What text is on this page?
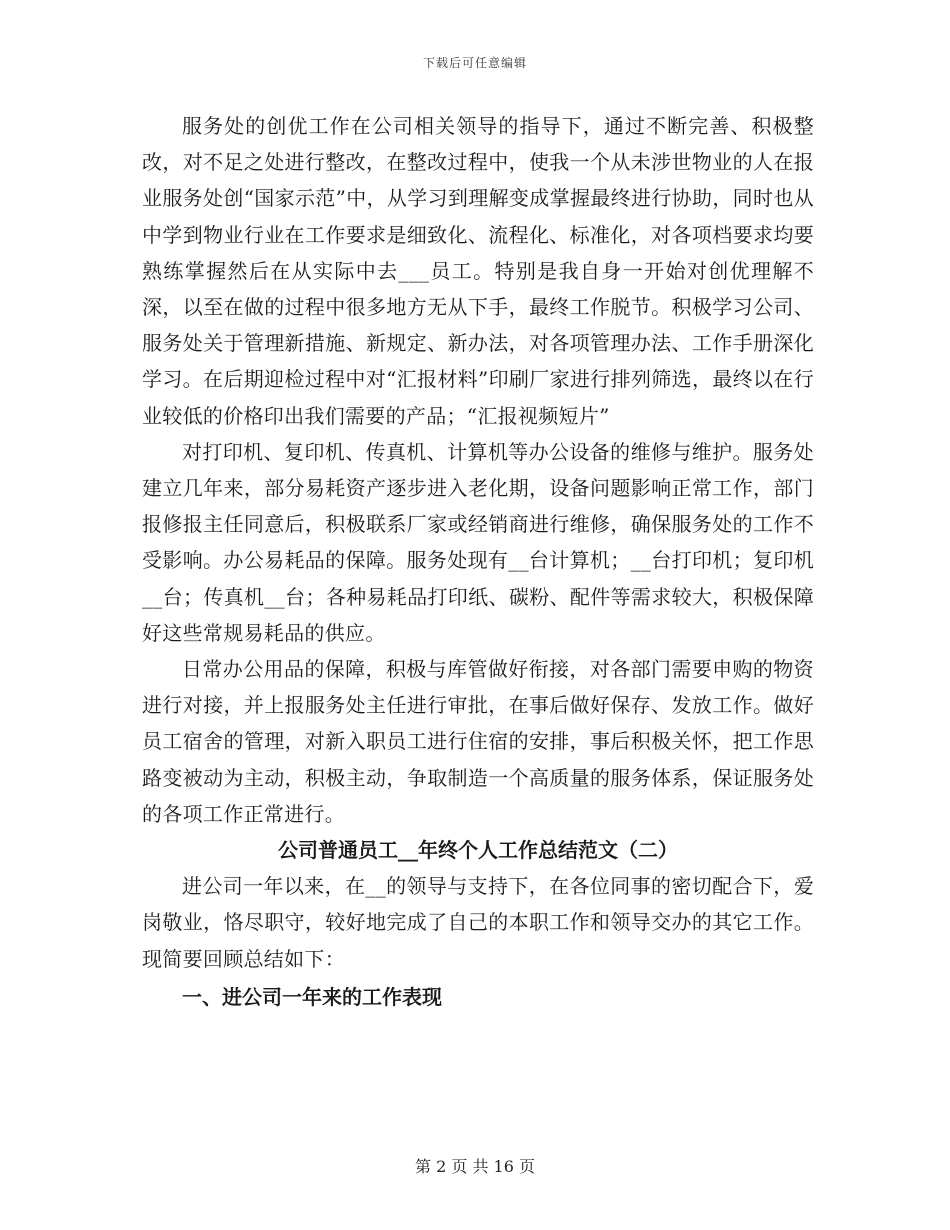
下载后可任意编辑

服务处的创优工作在公司相关领导的指导下，通过不断完善、积极整改，对不足之处进行整改，在整改过程中，使我一个从未涉世物业的人在报业服务处创“国家示范”中，从学习到理解变成掌握最终进行协助，同时也从中学到物业行业在工作要求是细致化、流程化、标准化，对各项档要求均要熟练掌握然后在从实际中去___员工。特别是我自身一开始对创优理解不深，以至在做的过程中很多地方无从下手，最终工作脱节。积极学习公司、服务处关于管理新措施、新规定、新办法，对各项管理办法、工作手册深化学习。在后期迎检过程中对“汇报材料”印刷厂家进行排列筛选，最终以在行业较低的价格印出我们需要的产品；“汇报视频短片”

对打印机、复印机、传真机、计算机等办公设备的维修与维护。服务处建立几年来，部分易耗资产逐步进入老化期，设备问题影响正常工作，部门报修报主任同意后，积极联系厂家或经销商进行维修，确保服务处的工作不受影响。办公易耗品的保障。服务处现有__台计算机；__台打印机；复印机__台；传真机__台；各种易耗品打印纸、碳粉、配件等需求较大，积极保障好这些常规易耗品的供应。

日常办公用品的保障，积极与库管做好衔接，对各部门需要申购的物资进行对接，并上报服务处主任进行审批，在事后做好保存、发放工作。做好员工宿舍的管理，对新入职员工进行住宿的安排，事后积极关怀，把工作思路变被动为主动，积极主动，争取制造一个高质量的服务体系，保证服务处的各项工作正常进行。

公司普通员工__年终个人工作总结范文（二）

进公司一年以来，在__的领导与支持下，在各位同事的密切配合下，爱岗敬业，恪尽职守，较好地完成了自己的本职工作和领导交办的其它工作。现简要回顾总结如下：

一、进公司一年来的工作表现

第 2 页 共 16 页
